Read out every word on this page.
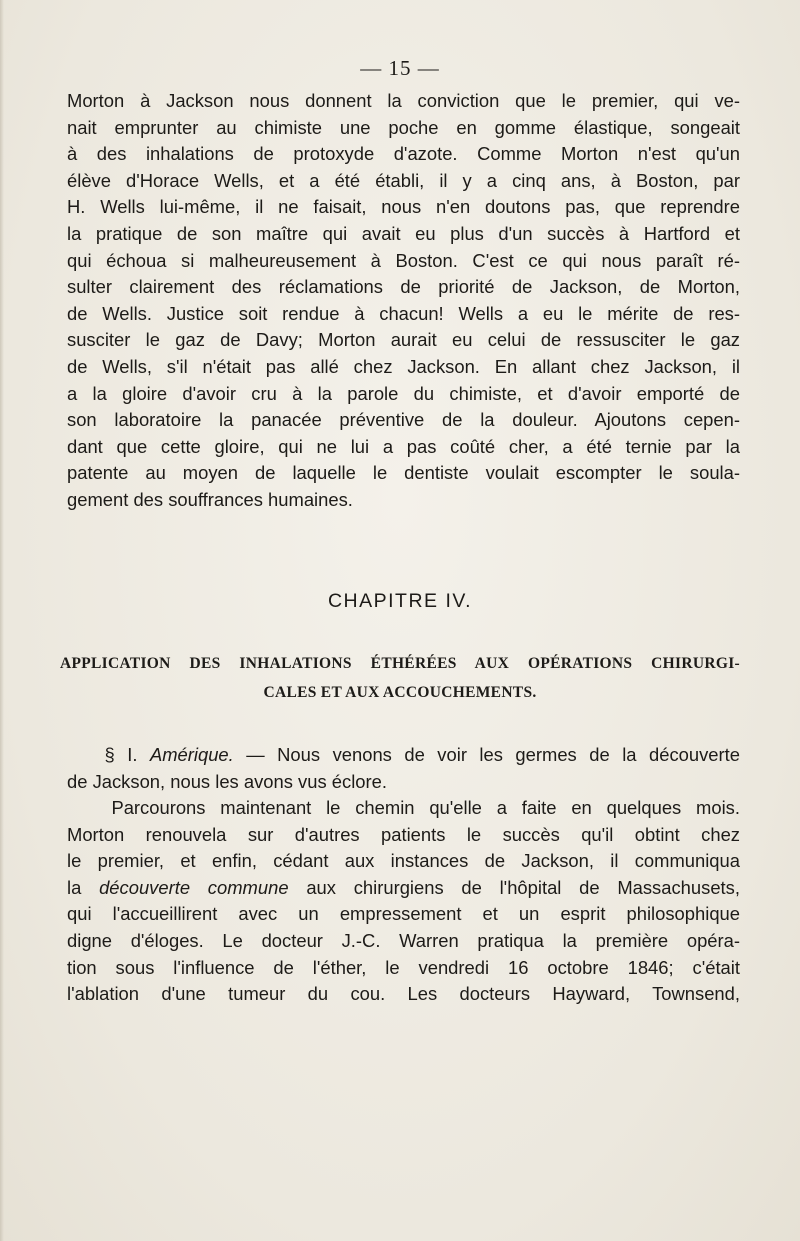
— 15 —
Morton à Jackson nous donnent la conviction que le premier, qui ve-
nait emprunter au chimiste une poche en gomme élastique, songeait
à des inhalations de protoxyde d'azote. Comme Morton n'est qu'un
élève d'Horace Wells, et a été établi, il y a cinq ans, à Boston, par
H. Wells lui-même, il ne faisait, nous n'en doutons pas, que reprendre
la pratique de son maître qui avait eu plus d'un succès à Hartford et
qui échoua si malheureusement à Boston. C'est ce qui nous paraît ré-
sulter clairement des réclamations de priorité de Jackson, de Morton,
de Wells. Justice soit rendue à chacun! Wells a eu le mérite de res-
susciter le gaz de Davy; Morton aurait eu celui de ressusciter le gaz
de Wells, s'il n'était pas allé chez Jackson. En allant chez Jackson, il
a la gloire d'avoir cru à la parole du chimiste, et d'avoir emporté de
son laboratoire la panacée préventive de la douleur. Ajoutons cepen-
dant que cette gloire, qui ne lui a pas coûté cher, a été ternie par la
patente au moyen de laquelle le dentiste voulait escompter le soula-
gement des souffrances humaines.
CHAPITRE IV.
APPLICATION DES INHALATIONS ÉTHÉRÉES AUX OPÉRATIONS CHIRURGI-
CALES ET AUX ACCOUCHEMENTS.
§ I. Amérique. — Nous venons de voir les germes de la découverte
de Jackson, nous les avons vus éclore.
Parcourons maintenant le chemin qu'elle a faite en quelques mois.
Morton renouvela sur d'autres patients le succès qu'il obtint chez
le premier, et enfin, cédant aux instances de Jackson, il communiqua
la découverte commune aux chirurgiens de l'hôpital de Massachusets,
qui l'accueillirent avec un empressement et un esprit philosophique
digne d'éloges. Le docteur J.-C. Warren pratiqua la première opéra-
tion sous l'influence de l'éther, le vendredi 16 octobre 1846; c'était
l'ablation d'une tumeur du cou. Les docteurs Hayward, Townsend,
